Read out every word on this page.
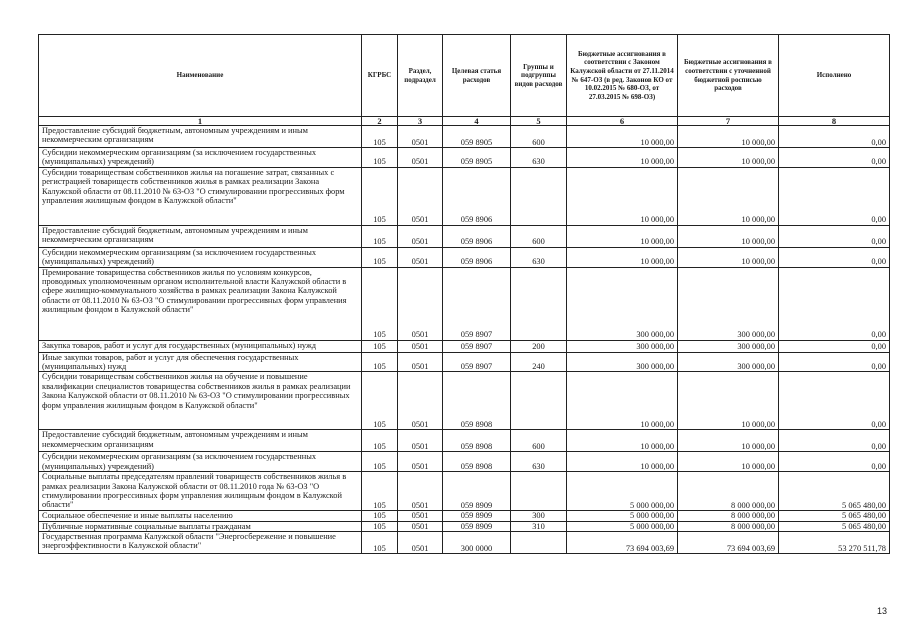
Наименование	КГРБС	Раздел, подраздел	Целевая статья расходов	Группы и подгруппы видов расходов	Бюджетные ассигнования в соответствии с Законом Калужской области от 27.11.2014 № 647-ОЗ (в ред. Законов КО от 10.02.2015 № 680-ОЗ, от 27.03.2015 № 698-ОЗ)	Бюджетные ассигнования в соответствии с уточненной бюджетной росписью расходов	Исполнено
1	2	3	4	5	6	7	8
Предоставление субсидий бюджетным, автономным учреждениям и иным некоммерческим организациям	105	0501	059 8905	600	10 000,00	10 000,00	0,00
Субсидии некоммерческим организациям (за исключением государственных (муниципальных) учреждений)	105	0501	059 8905	630	10 000,00	10 000,00	0,00
Субсидии товариществам собственников жилья на погашение затрат, связанных с регистрацией товариществ собственников жилья в рамках реализации Закона Калужской области от 08.11.2010 № 63-ОЗ "О стимулировании прогрессивных форм управления жилищным фондом в Калужской области"	105	0501	059 8906		10 000,00	10 000,00	0,00
Предоставление субсидий бюджетным, автономным учреждениям и иным некоммерческим организациям	105	0501	059 8906	600	10 000,00	10 000,00	0,00
Субсидии некоммерческим организациям (за исключением государственных (муниципальных) учреждений)	105	0501	059 8906	630	10 000,00	10 000,00	0,00
Премирование товарищества собственников жилья по условиям конкурсов, проводимых уполномоченным органом исполнительной власти Калужской области в сфере жилищно-коммунального хозяйства в рамках реализации Закона Калужской области от 08.11.2010 № 63-ОЗ "О стимулировании прогрессивных форм управления жилищным фондом в Калужской области"	105	0501	059 8907		300 000,00	300 000,00	0,00
Закупка товаров, работ и услуг для государственных (муниципальных) нужд	105	0501	059 8907	200	300 000,00	300 000,00	0,00
Иные закупки товаров, работ и услуг для обеспечения государственных (муниципальных) нужд	105	0501	059 8907	240	300 000,00	300 000,00	0,00
Субсидии товариществам собственников жилья на обучение и повышение квалификации специалистов товарищества собственников жилья в рамках реализации Закона Калужской области от 08.11.2010 № 63-ОЗ "О стимулировании прогрессивных форм управления жилищным фондом в Калужской области"	105	0501	059 8908		10 000,00	10 000,00	0,00
Предоставление субсидий бюджетным, автономным учреждениям и иным некоммерческим организациям	105	0501	059 8908	600	10 000,00	10 000,00	0,00
Субсидии некоммерческим организациям (за исключением государственных (муниципальных) учреждений)	105	0501	059 8908	630	10 000,00	10 000,00	0,00
Социальные выплаты председателям правлений товариществ собственников жилья в рамках реализации Закона Калужской области от 08.11.2010 года № 63-ОЗ "О стимулировании прогрессивных форм управления жилищным фондом в Калужской области"	105	0501	059 8909		5 000 000,00	8 000 000,00	5 065 480,00
Социальное обеспечение и иные выплаты населению	105	0501	059 8909	300	5 000 000,00	8 000 000,00	5 065 480,00
Публичные нормативные социальные выплаты гражданам	105	0501	059 8909	310	5 000 000,00	8 000 000,00	5 065 480,00
Государственная программа Калужской области "Энергосбережение и повышение энергоэффективности в Калужской области"	105	0501	300 0000		73 694 003,69	73 694 003,69	53 270 511,78
13
